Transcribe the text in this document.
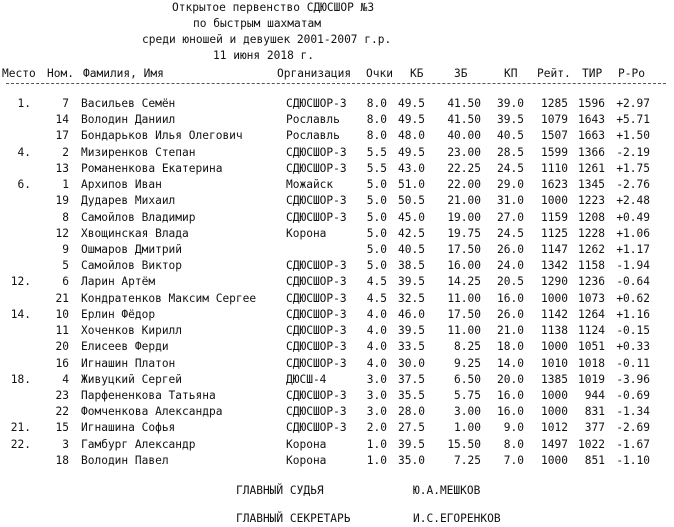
Открытое первенство СДЮСШОР №3
по быстрым шахматам
среди юношей и девушек 2001-2007 г.р.
11 июня 2018 г.
Место Ном. Фамилия, Имя	Организация Очки КБ	ЗБ	КП Рейт. ТИР Р-Ро
1.	7 Васильев Семён	СДЮСШОР-3 8.0 49.5 41.50 39.0 1285 1596 +2.97
14 Володин Даниил	Рославль 8.0 49.5 41.50 39.5 1079 1643 +5.71
17 Бондарьков Илья Олегович	Рославль 8.0 48.0 40.00 40.5 1507 1663 +1.50
4.	2 Мизиренков Степан	СДЮСШОР-3 5.5 49.5 23.00 28.5 1599 1366 -2.19
13 Романенкова Екатерина	СДЮСШОР-3 5.5 43.0 22.25 24.5 1110 1261 +1.75
6.	1 Архипов Иван	Можайск	5.0 51.0 22.00 29.0 1623 1345 -2.76
19 Дударев Михаил	СДЮСШОР-3 5.0 50.5 21.00 31.0 1000 1223 +2.48
8 Самойлов Владимир	СДЮСШОР-3 5.0 45.0 19.00 27.0 1159 1208 +0.49
12 Хвощинская Влада	Корона	5.0 42.5 19.75 24.5 1125 1228 +1.06
9 Ошмаров Дмитрий	5.0 40.5 17.50 26.0 1147 1262 +1.17
5 Самойлов Виктор	СДЮСШОР-3 5.0 38.5 16.00 24.0 1342 1158 -1.94
12.	6 Ларин Артём	СДЮСШОР-3 4.5 39.5 14.25 20.5 1290 1236 -0.64
21 Кондратенков Максим Сергее	СДЮСШОР-3 4.5 32.5 11.00 16.0 1000 1073 +0.62
14. 10 Ерлин Фёдор	СДЮСШОР-3 4.0 46.0 17.50 26.0 1142 1264 +1.16
11 Хоченков Кирилл	СДЮСШОР-3 4.0 39.5 11.00 21.0 1138 1124 -0.15
20 Елисеев Ферди	СДЮСШОР-3 4.0 33.5	8.25 18.0 1000 1051 +0.33
16 Игнашин Платон	СДЮСШОР-3 4.0 30.0	9.25 14.0 1010 1018 -0.11
18.	4 Живуцкий Сергей	ДЮСШ-4	3.0 37.5	6.50 20.0 1385 1019 -3.96
23 Парфененкова Татьяна	СДЮСШОР-3 3.0 35.5	5.75 16.0 1000 944 -0.69
22 Фомченкова Александра	СДЮСШОР-3 3.0 28.0	3.00 16.0 1000 831 -1.34
21. 15 Игнашина Софья	СДЮСШОР-3 2.0 27.5	1.00 9.0 1012 377 -2.69
22.	3 Гамбург Александр	Корона	1.0 39.5 15.50 8.0 1497 1022 -1.67
18 Володин Павел	Корона	1.0 35.0	7.25 7.0 1000 851 -1.10
ГЛАВНЫЙ СУДЬЯ	Ю.А.МЕШКОВ
ГЛАВНЫЙ СЕКРЕТАРЬ	И.С.ЕГОРЕНКОВ
